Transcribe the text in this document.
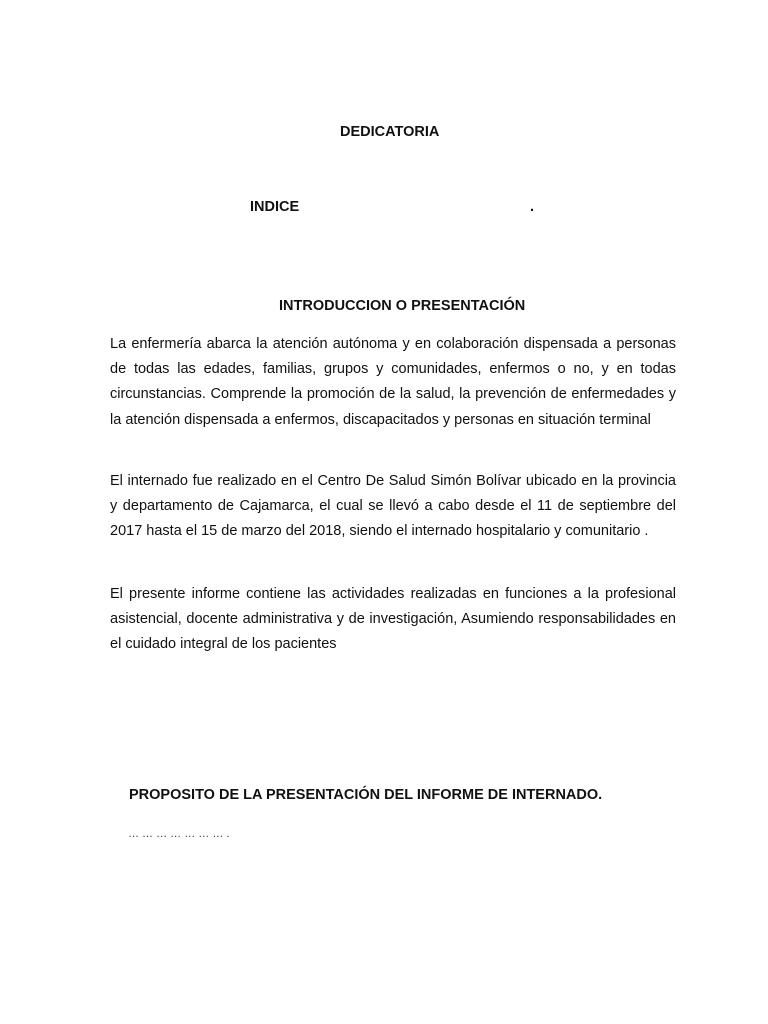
DEDICATORIA
INDICE	.
INTRODUCCION O PRESENTACIÓN

La enfermería abarca la atención autónoma y en colaboración dispensada a personas de todas las edades, familias, grupos y comunidades, enfermos o no, y en todas circunstancias. Comprende la promoción de la salud, la prevención de enfermedades y la atención dispensada a enfermos, discapacitados y personas en situación terminal

El internado fue realizado en el Centro De Salud Simón Bolívar ubicado en la provincia y departamento de Cajamarca, el cual se llevó a cabo desde el 11 de septiembre del 2017 hasta el 15 de marzo del 2018, siendo el internado hospitalario y comunitario .

El presente informe contiene las actividades realizadas en funciones a la profesional asistencial, docente administrativa y de investigación, Asumiendo responsabilidades en el cuidado integral de los pacientes

PROPOSITO DE LA PRESENTACIÓN DEL INFORME DE INTERNADO.
… … … … … … … .
